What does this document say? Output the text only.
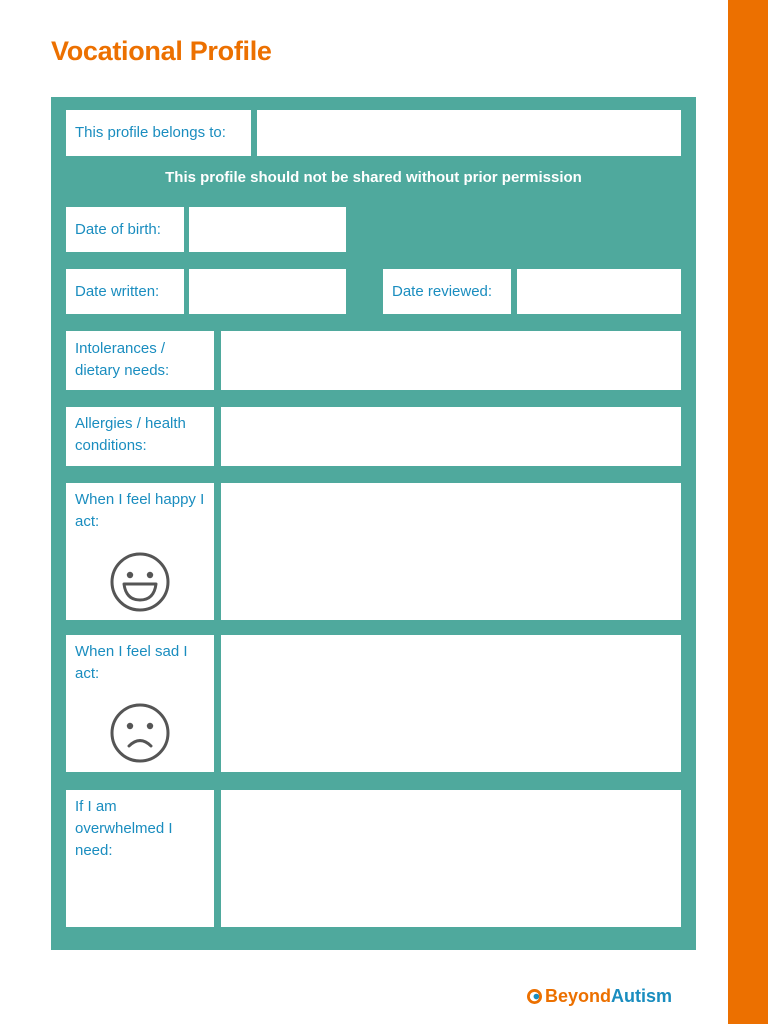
Vocational Profile
This profile belongs to:
This profile should not be shared without prior permission
Date of birth:
Date written:	Date reviewed:
Intolerances / dietary needs:
Allergies / health conditions:
When I feel happy I act:
When I feel sad I act:
If I am overwhelmed I need:
Beyond Autism
